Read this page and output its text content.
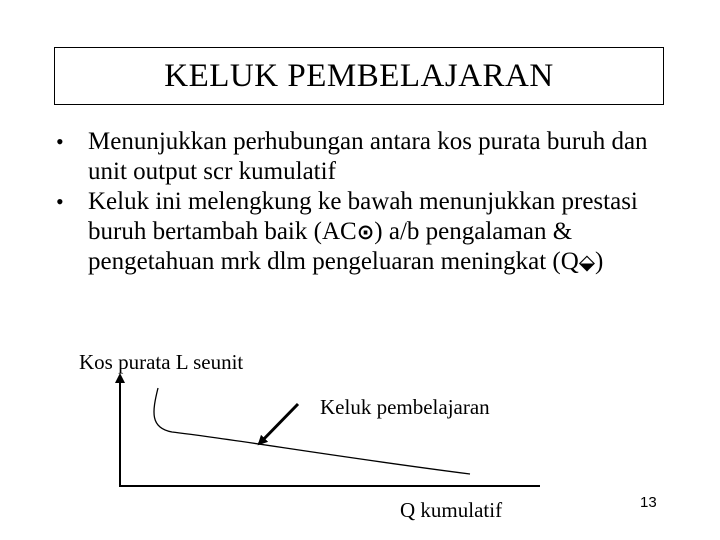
KELUK PEMBELAJARAN
• Menunjukkan perhubungan antara kos purata buruh dan unit output scr kumulatif
• Keluk ini melengkung ke bawah menunjukkan prestasi buruh bertambah baik (AC⊙) a/b pengalaman & pengetahuan mrk dlm pengeluaran meningkat (Q⬙)
Kos purata L seunit
Keluk pembelajaran
Q kumulatif	13
